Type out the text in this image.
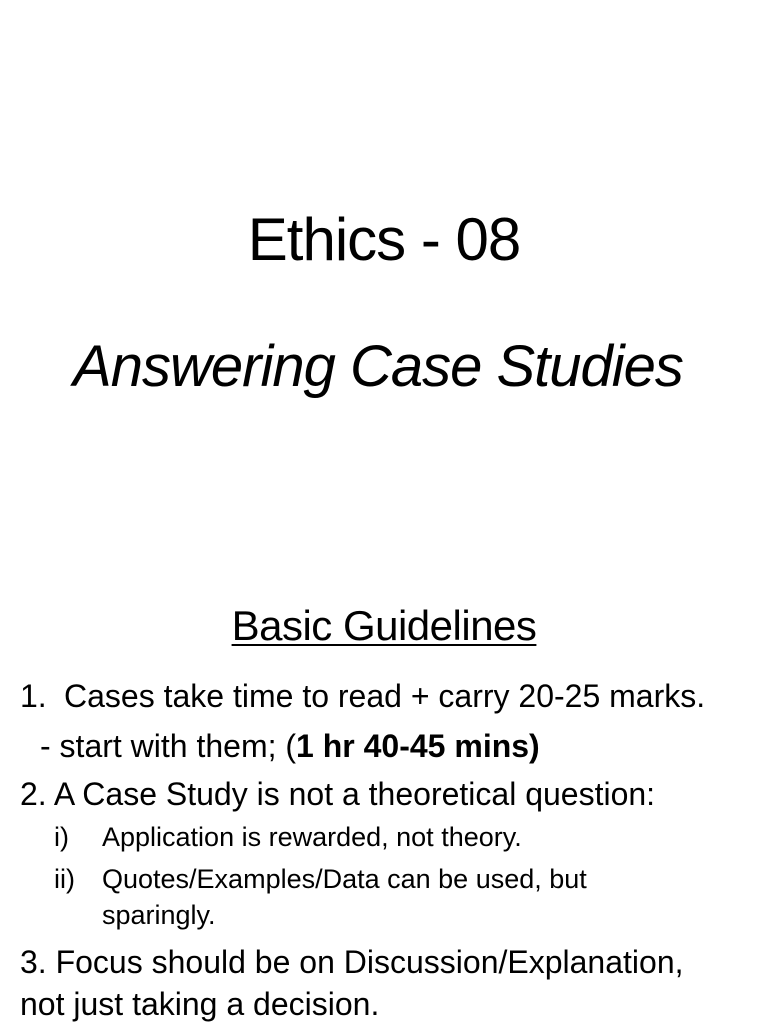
Ethics - 08
Answering Case Studies
Basic Guidelines
1. Cases take time to read + carry 20-25 marks.
- start with them; (1 hr 40-45 mins)
2. A Case Study is not a theoretical question:
i) Application is rewarded, not theory.
ii) Quotes/Examples/Data can be used, but
sparingly.
3. Focus should be on Discussion/Explanation,
not just taking a decision.
